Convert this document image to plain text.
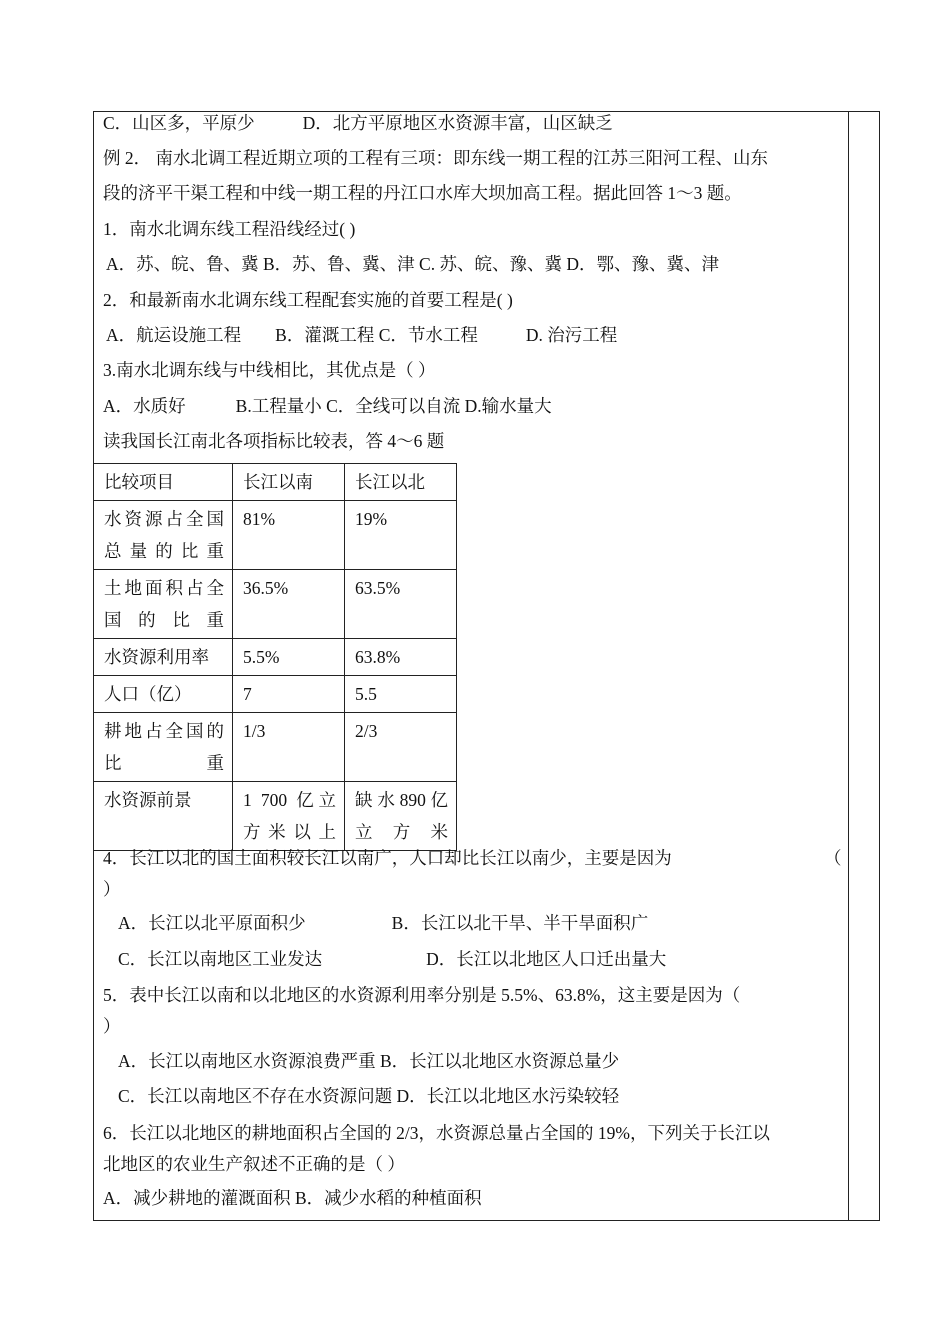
C．山区多，平原少	D．北方平原地区水资源丰富，山区缺乏
例 2． 南水北调工程近期立项的工程有三项：即东线一期工程的江苏三阳河工程、山东
段的济平干渠工程和中线一期工程的丹江口水库大坝加高工程。据此回答 1～3 题。
1．南水北调东线工程沿线经过( )
A．苏、皖、鲁、冀 B．苏、鲁、冀、津 C. 苏、皖、豫、冀 D．鄂、豫、冀、津
2．和最新南水北调东线工程配套实施的首要工程是( )
A．航运设施工程 B．灌溉工程 C．节水工程	D. 治污工程
3.南水北调东线与中线相比，其优点是（ ）
A．水质好	B.工程量小 C．全线可以自流 D.输水量大
读我国长江南北各项指标比较表，答 4～6 题
比较项目	长江以南	长江以北
水资源占全国总量的比重	81%	19%
土地面积占全国的比重	36.5%	63.5%
水资源利用率	5.5%	63.8%
人口（亿）	7	5.5
耕地占全国的比重	1/3	2/3
水资源前景	1 700 亿立方米以上	缺 水 890 亿立方米
4．长江以北的国土面积较长江以南广，人口却比长江以南少，主要是因为	（
）
A．长江以北平原面积少	B．长江以北干旱、半干旱面积广
C．长江以南地区工业发达	D．长江以北地区人口迁出量大
5．表中长江以南和以北地区的水资源利用率分别是 5.5%、63.8%，这主要是因为（
）
A．长江以南地区水资源浪费严重 B．长江以北地区水资源总量少
C．长江以南地区不存在水资源问题 D．长江以北地区水污染较轻
6．长江以北地区的耕地面积占全国的 2/3，水资源总量占全国的 19%，下列关于长江以
北地区的农业生产叙述不正确的是（ ）
A．减少耕地的灌溉面积 B．减少水稻的种植面积
